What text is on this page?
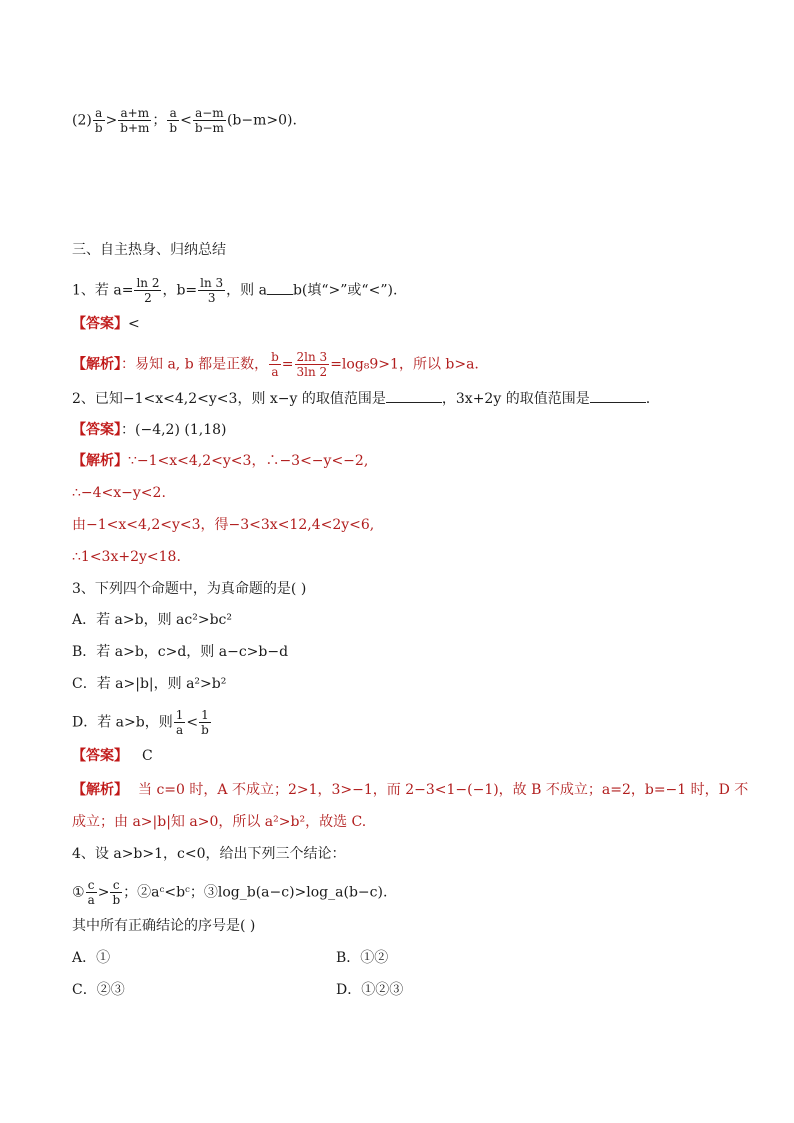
$(2) \frac{a}{b} > \frac{a+m}{b+m}$ ； $\frac{a}{b} < \frac{a-m}{b-m} (b-m>0)$.
三、自主热身、归纳总结
1、若 $a= \frac{\ln 2}{2}$ ，$b= \frac{\ln 3}{3}$ ，则 a b(填“>”或“<”).
【答案】<
【解析】：易知 a, b 都是正数， $\frac{b}{a} = \frac{2\ln 3}{3\ln 2} =\log_89>1$，所以 b>a.
2、已知−1<x<4,2<y<3，则 x−y 的取值范围是	，3x+2y 的取值范围是	.
【答案】：(−4,2) (1,18)
【解析】∵−1<x<4,2<y<3，∴−3<−y<−2,
∴−4<x−y<2.
由−1<x<4,2<y<3，得−3<3x<12,4<2y<6,
∴1<3x+2y<18.
3、下列四个命题中，为真命题的是( )
A．若 a>b，则 ac²>bc²
B．若 a>b，c>d，则 a−c>b−d
C．若 a>|b|，则 a²>b²
D．若 a>b，则 $\frac{1}{a} < \frac{1}{b}$
【答案】 C
【解析】 当 c=0 时，A 不成立；2>1，3>−1，而 2−3<1−(−1)，故 B 不成立；a=2，b=−1 时，D 不
成立；由 a>|b|知 a>0，所以 a²>b²，故选 C.
4、设 a>b>1，c<0，给出下列三个结论：
① $\frac{c}{a} > \frac{c}{b}$ ；②aᶜ<bᶜ；③log_b(a−c)>log_a(b−c).
其中所有正确结论的序号是( )
A．①	B．①②
C．②③	D．①②③
